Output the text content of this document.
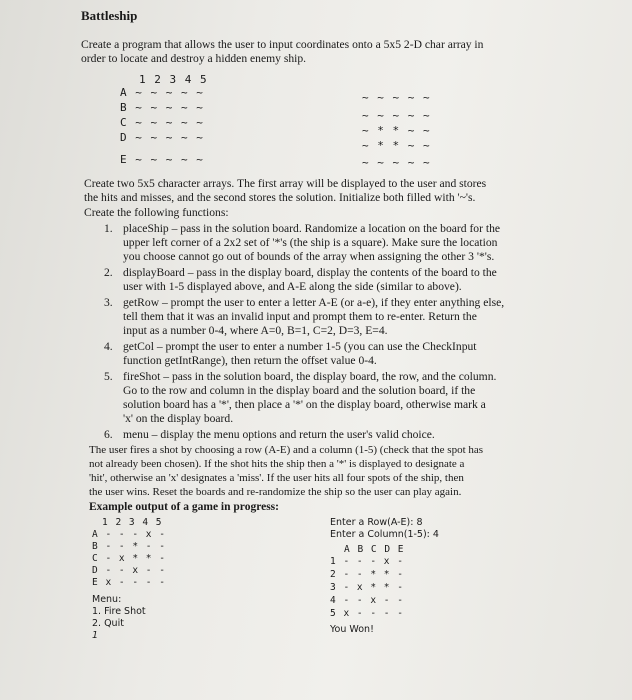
Battleship
Create a program that allows the user to input coordinates onto a 5x5 2-D char array in
order to locate and destroy a hidden enemy ship.
1 2 3 4 5
A ~ ~ ~ ~ ~
B ~ ~ ~ ~ ~
C ~ ~ ~ ~ ~
D ~ ~ ~ ~ ~
E ~ ~ ~ ~ ~
~ ~ ~ ~ ~
~ ~ ~ ~ ~
~ * * ~ ~
~ * * ~ ~
~ ~ ~ ~ ~
Create two 5x5 character arrays. The first array will be displayed to the user and stores
the hits and misses, and the second stores the solution. Initialize both filled with '~'s.
Create the following functions:
1. placeShip – pass in the solution board. Randomize a location on the board for the
upper left corner of a 2x2 set of '*'s (the ship is a square). Make sure the location
you choose cannot go out of bounds of the array when assigning the other 3 '*'s.
2. displayBoard – pass in the display board, display the contents of the board to the
user with 1-5 displayed above, and A-E along the side (similar to above).
3. getRow – prompt the user to enter a letter A-E (or a-e), if they enter anything else,
tell them that it was an invalid input and prompt them to re-enter. Return the
input as a number 0-4, where A=0, B=1, C=2, D=3, E=4.
4. getCol – prompt the user to enter a number 1-5 (you can use the CheckInput
function getIntRange), then return the offset value 0-4.
5. fireShot – pass in the solution board, the display board, the row, and the column.
Go to the row and column in the display board and the solution board, if the
solution board has a '*', then place a '*' on the display board, otherwise mark a
'x' on the display board.
6. menu – display the menu options and return the user's valid choice.
The user fires a shot by choosing a row (A-E) and a column (1-5) (check that the spot has
not already been chosen). If the shot hits the ship then a '*' is displayed to designate a
'hit', otherwise an 'x' designates a 'miss'. If the user hits all four spots of the ship, then
the user wins. Reset the boards and re-randomize the ship so the user can play again.
Example output of a game in progress:
1 2 3 4 5
A - - - x -
B - - * - -
C - x * * -
D - - x - -
E x - - - -
Menu:
1. Fire Shot
2. Quit
1
Enter a Row(A-E): 8
Enter a Column(1-5): 4
A B C D E
1 - - - x -
2 - - * * -
3 - x * * -
4 - - x - -
5 x - - - -
You Won!
